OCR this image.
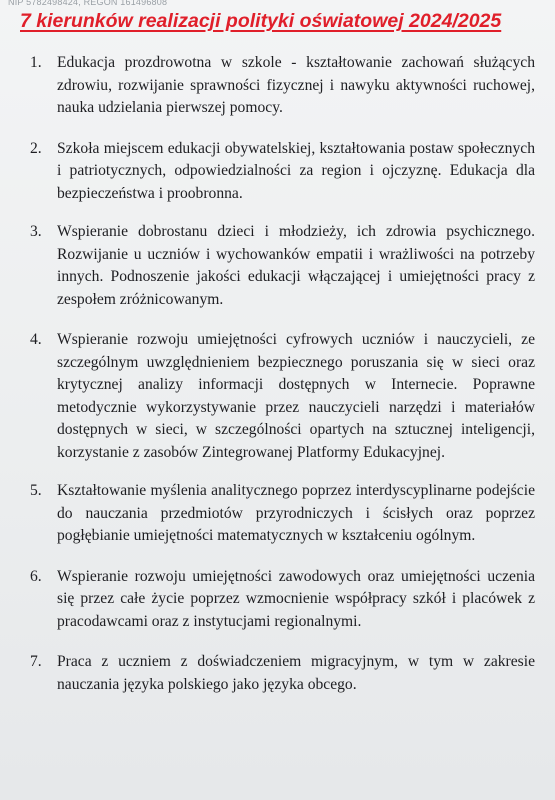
NIP 5782498424, REGON 161496808
7 kierunków realizacji polityki oświatowej 2024/2025
1. Edukacja prozdrowotna w szkole - kształtowanie zachowań służących zdrowiu, rozwijanie sprawności fizycznej i nawyku aktywności ruchowej, nauka udzielania pierwszej pomocy.
2. Szkoła miejscem edukacji obywatelskiej, kształtowania postaw społecznych i patriotycznych, odpowiedzialności za region i ojczyznę. Edukacja dla bezpieczeństwa i proobronna.
3. Wspieranie dobrostanu dzieci i młodzieży, ich zdrowia psychicznego. Rozwijanie u uczniów i wychowanków empatii i wrażliwości na potrzeby innych. Podnoszenie jakości edukacji włączającej i umiejętności pracy z zespołem zróżnicowanym.
4. Wspieranie rozwoju umiejętności cyfrowych uczniów i nauczycieli, ze szczególnym uwzględnieniem bezpiecznego poruszania się w sieci oraz krytycznej analizy informacji dostępnych w Internecie. Poprawne metodycznie wykorzystywanie przez nauczycieli narzędzi i materiałów dostępnych w sieci, w szczególności opartych na sztucznej inteligencji, korzystanie z zasobów Zintegrowanej Platformy Edukacyjnej.
5. Kształtowanie myślenia analitycznego poprzez interdyscyplinarne podejście do nauczania przedmiotów przyrodniczych i ścisłych oraz poprzez pogłębianie umiejętności matematycznych w kształceniu ogólnym.
6. Wspieranie rozwoju umiejętności zawodowych oraz umiejętności uczenia się przez całe życie poprzez wzmocnienie współpracy szkół i placówek z pracodawcami oraz z instytucjami regionalnymi.
7. Praca z uczniem z doświadczeniem migracyjnym, w tym w zakresie nauczania języka polskiego jako języka obcego.
